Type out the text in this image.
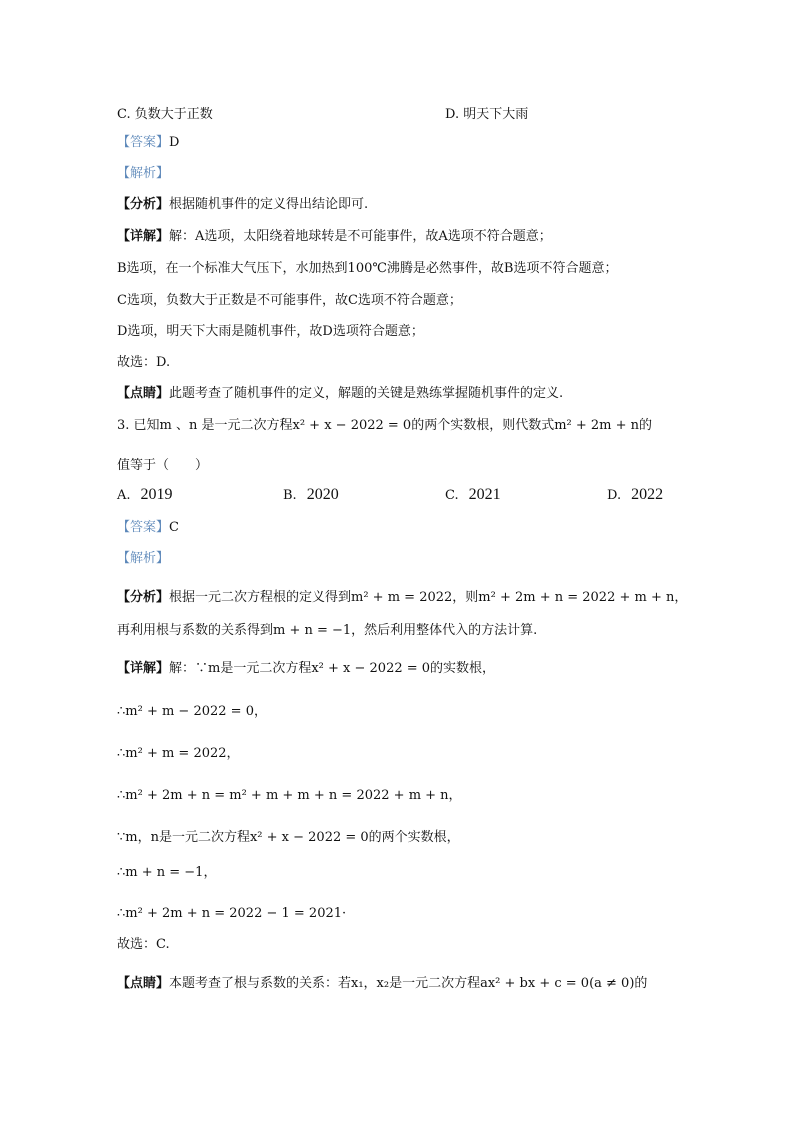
C. 负数大于正数	D. 明天下大雨
【答案】D
【解析】
【分析】根据随机事件的定义得出结论即可.
【详解】解：A选项，太阳绕着地球转是不可能事件，故A选项不符合题意；
B选项，在一个标准大气压下，水加热到100℃沸腾是必然事件，故B选项不符合题意；
C选项，负数大于正数是不可能事件，故C选项不符合题意；
D选项，明天下大雨是随机事件，故D选项符合题意；
故选：D.
【点睛】此题考查了随机事件的定义，解题的关键是熟练掌握随机事件的定义.
3. 已知m 、n 是一元二次方程x² + x − 2022 = 0的两个实数根，则代数式m² + 2m + n的
值等于（　　）
A. 2019	B. 2020	C. 2021	D. 2022
【答案】C
【解析】
【分析】根据一元二次方程根的定义得到m² + m = 2022，则m² + 2m + n = 2022 + m + n，
再利用根与系数的关系得到m + n = −1，然后利用整体代入的方法计算.
【详解】解：∵m是一元二次方程x² + x − 2022 = 0的实数根，
∴m² + m − 2022 = 0，
∴m² + m = 2022，
∴m² + 2m + n = m² + m + m + n = 2022 + m + n，
∵m，n是一元二次方程x² + x − 2022 = 0的两个实数根，
∴m + n = −1，
∴m² + 2m + n = 2022 − 1 = 2021·
故选：C.
【点睛】本题考查了根与系数的关系：若x₁，x₂是一元二次方程ax² + bx + c = 0(a ≠ 0)的
